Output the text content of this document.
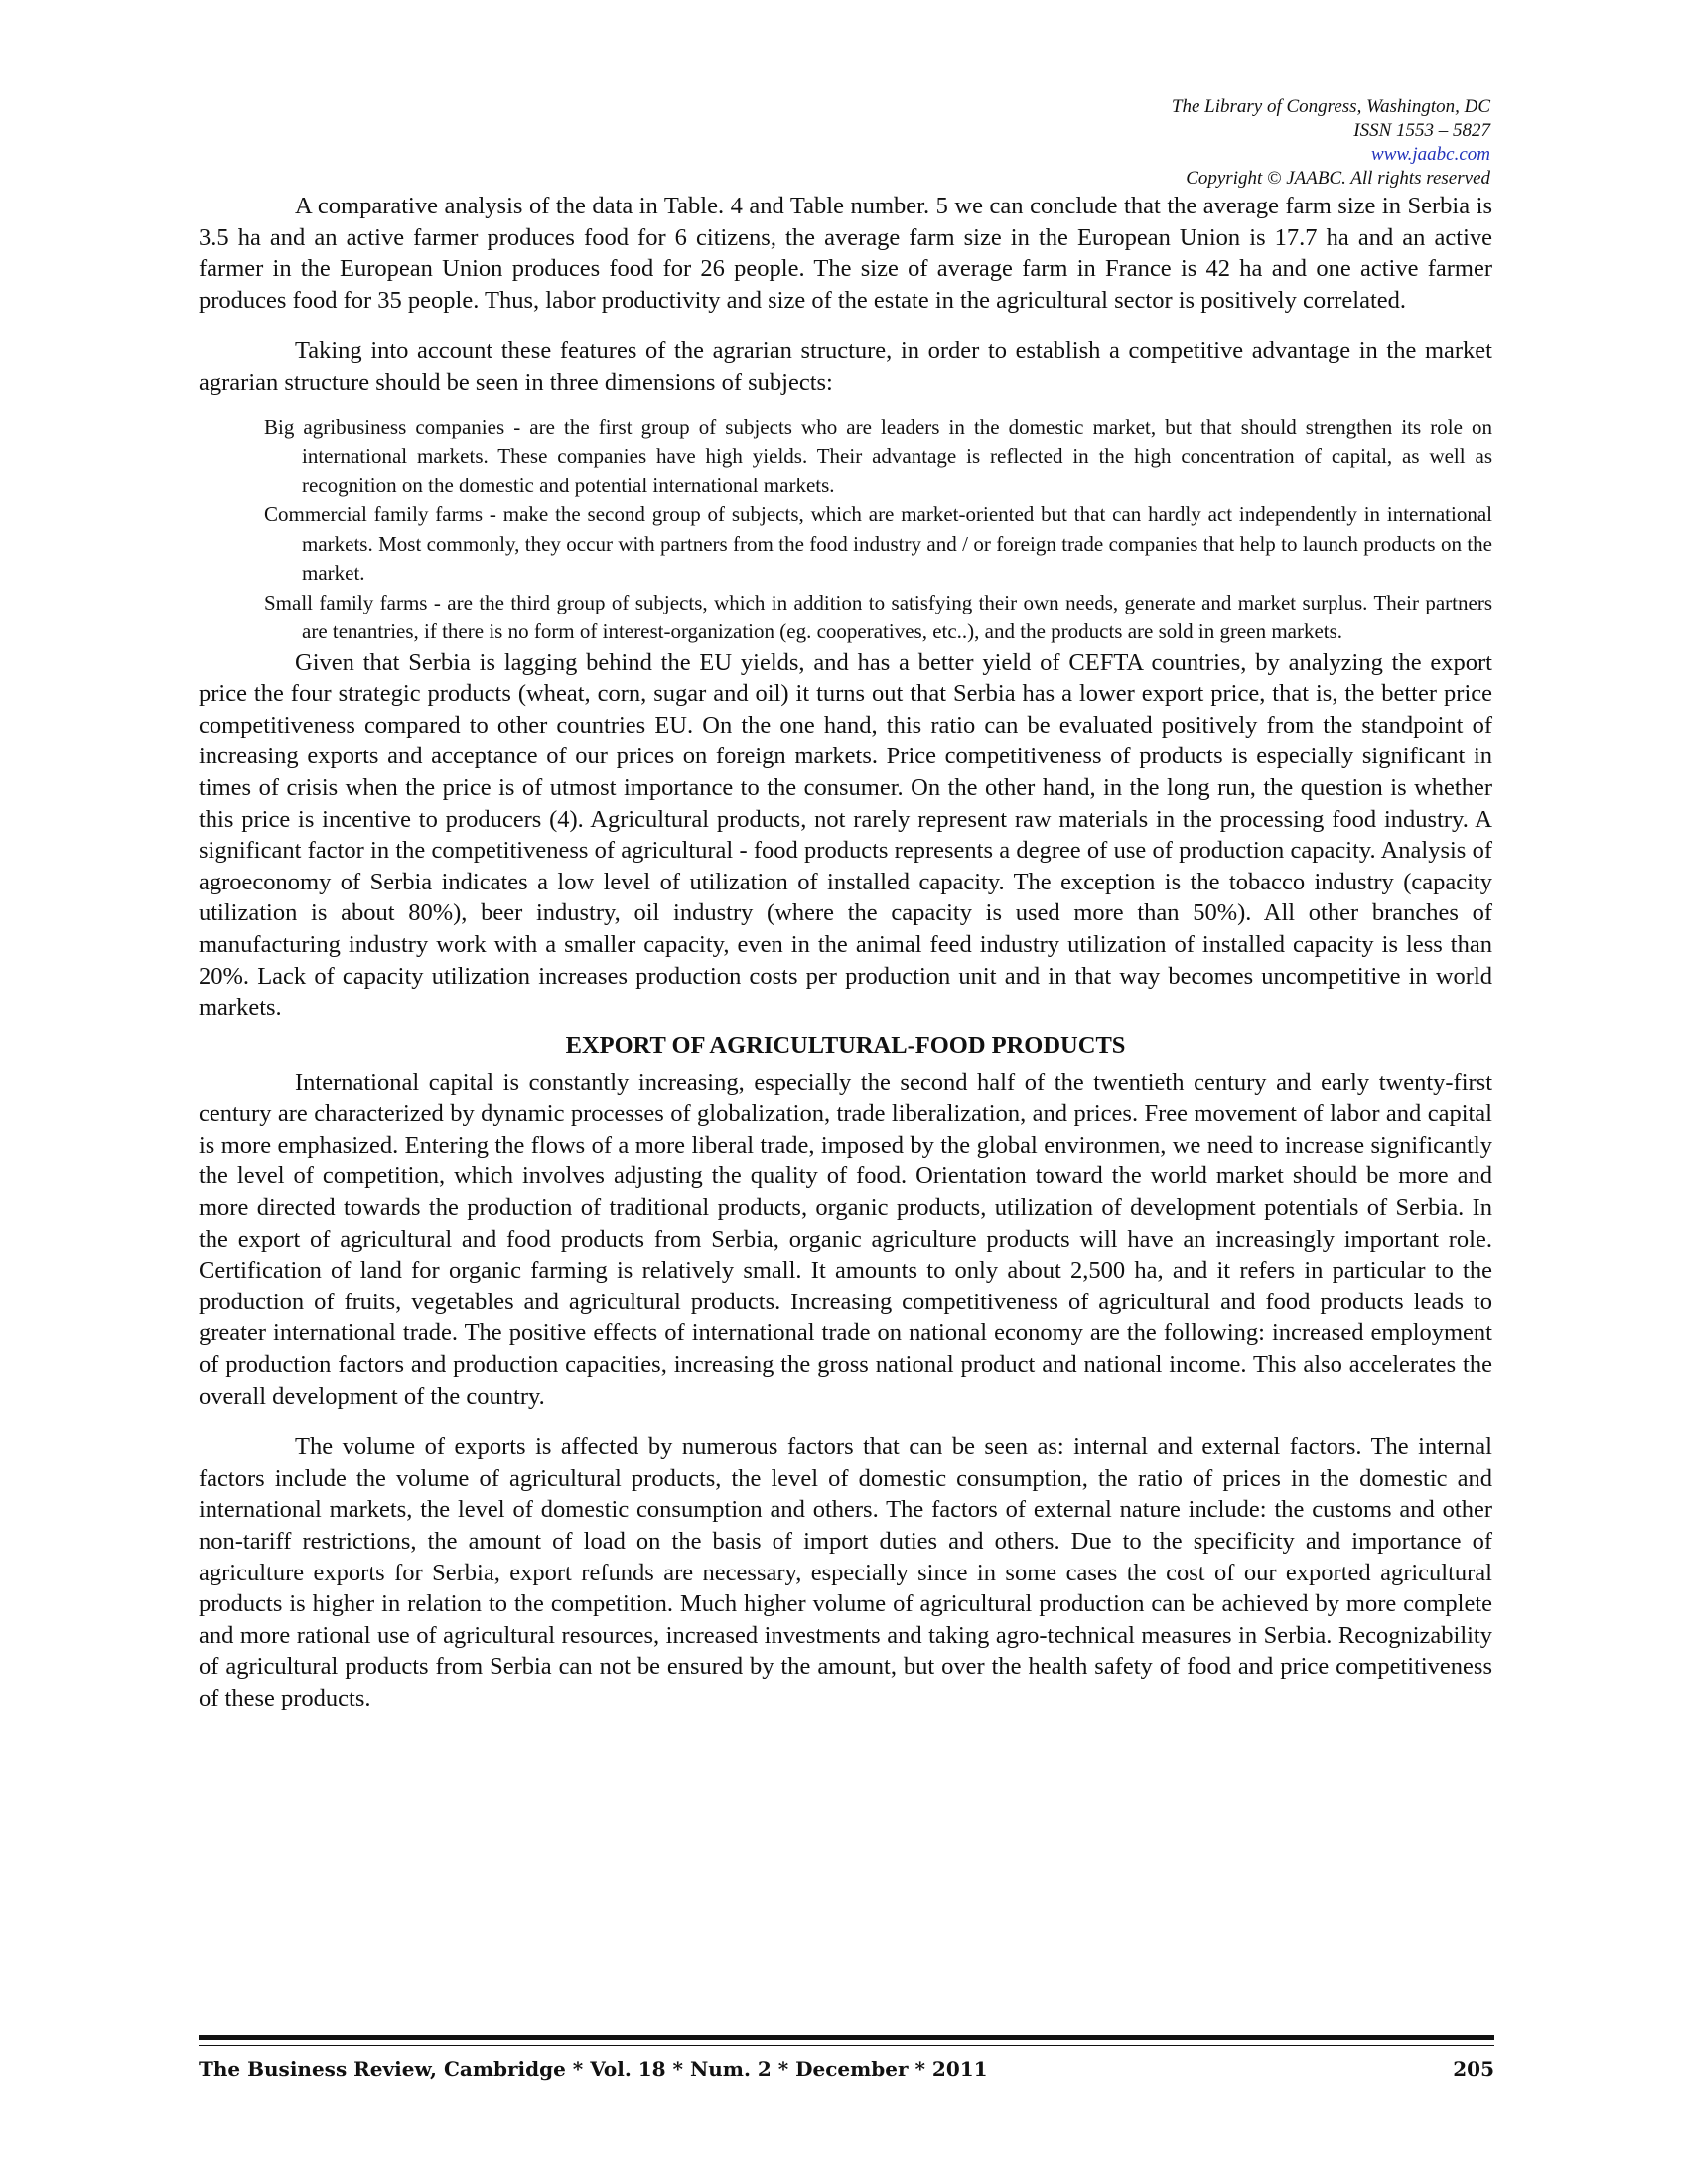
The Library of Congress, Washington, DC
ISSN 1553 – 5827
www.jaabc.com
Copyright © JAABC. All rights reserved

A comparative analysis of the data in Table. 4 and Table number. 5 we can conclude that the average farm size in Serbia is 3.5 ha and an active farmer produces food for 6 citizens, the average farm size in the European Union is 17.7 ha and an active farmer in the European Union produces food for 26 people. The size of average farm in France is 42 ha and one active farmer produces food for 35 people. Thus, labor productivity and size of the estate in the agricultural sector is positively correlated.

Taking into account these features of the agrarian structure, in order to establish a competitive advantage in the market agrarian structure should be seen in three dimensions of subjects:

Big agribusiness companies - are the first group of subjects who are leaders in the domestic market, but that should strengthen its role on international markets. These companies have high yields. Their advantage is reflected in the high concentration of capital, as well as recognition on the domestic and potential international markets.
Commercial family farms - make the second group of subjects, which are market-oriented but that can hardly act independently in international markets. Most commonly, they occur with partners from the food industry and / or foreign trade companies that help to launch products on the market.
Small family farms - are the third group of subjects, which in addition to satisfying their own needs, generate and market surplus. Their partners are tenantries, if there is no form of interest-organization (eg. cooperatives, etc..), and the products are sold in green markets.

Given that Serbia is lagging behind the EU yields, and has a better yield of CEFTA countries, by analyzing the export price the four strategic products (wheat, corn, sugar and oil) it turns out that Serbia has a lower export price, that is, the better price competitiveness compared to other countries EU. On the one hand, this ratio can be evaluated positively from the standpoint of increasing exports and acceptance of our prices on foreign markets. Price competitiveness of products is especially significant in times of crisis when the price is of utmost importance to the consumer. On the other hand, in the long run, the question is whether this price is incentive to producers (4). Agricultural products, not rarely represent raw materials in the processing food industry. A significant factor in the competitiveness of agricultural - food products represents a degree of use of production capacity. Analysis of agroeconomy of Serbia indicates a low level of utilization of installed capacity. The exception is the tobacco industry (capacity utilization is about 80%), beer industry, oil industry (where the capacity is used more than 50%). All other branches of manufacturing industry work with a smaller capacity, even in the animal feed industry utilization of installed capacity is less than 20%. Lack of capacity utilization increases production costs per production unit and in that way becomes uncompetitive in world markets.

EXPORT OF AGRICULTURAL-FOOD PRODUCTS

International capital is constantly increasing, especially the second half of the twentieth century and early twenty-first century are characterized by dynamic processes of globalization, trade liberalization, and prices. Free movement of labor and capital is more emphasized. Entering the flows of a more liberal trade, imposed by the global environmen, we need to increase significantly the level of competition, which involves adjusting the quality of food. Orientation toward the world market should be more and more directed towards the production of traditional products, organic products, utilization of development potentials of Serbia. In the export of agricultural and food products from Serbia, organic agriculture products will have an increasingly important role. Certification of land for organic farming is relatively small. It amounts to only about 2,500 ha, and it refers in particular to the production of fruits, vegetables and agricultural products. Increasing competitiveness of agricultural and food products leads to greater international trade. The positive effects of international trade on national economy are the following: increased employment of production factors and production capacities, increasing the gross national product and national income. This also accelerates the overall development of the country.

The volume of exports is affected by numerous factors that can be seen as: internal and external factors. The internal factors include the volume of agricultural products, the level of domestic consumption, the ratio of prices in the domestic and international markets, the level of domestic consumption and others. The factors of external nature include: the customs and other non-tariff restrictions, the amount of load on the basis of import duties and others. Due to the specificity and importance of agriculture exports for Serbia, export refunds are necessary, especially since in some cases the cost of our exported agricultural products is higher in relation to the competition. Much higher volume of agricultural production can be achieved by more complete and more rational use of agricultural resources, increased investments and taking agro-technical measures in Serbia. Recognizability of agricultural products from Serbia can not be ensured by the amount, but over the health safety of food and price competitiveness of these products.

The Business Review, Cambridge * Vol. 18 * Num. 2 * December * 2011	205
